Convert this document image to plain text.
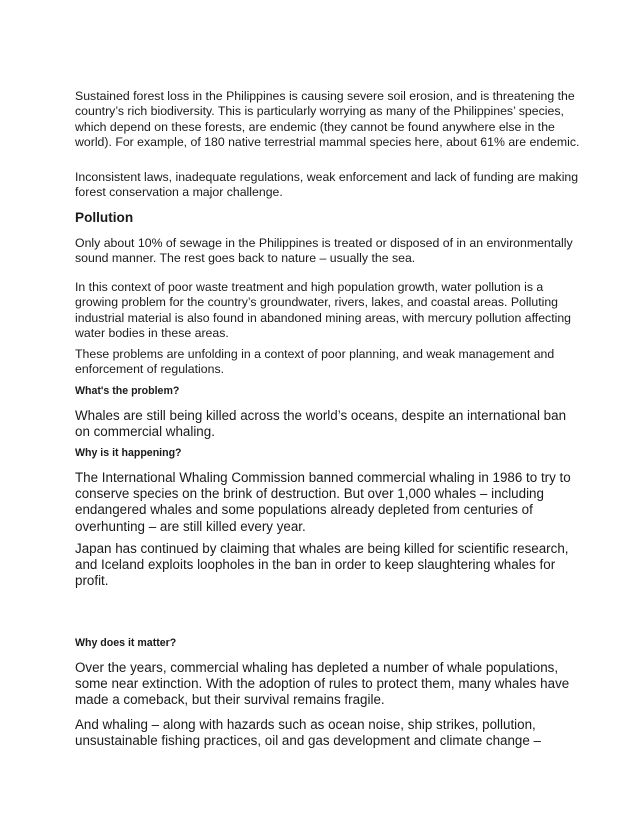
Sustained forest loss in the Philippines is causing severe soil erosion, and is threatening the country’s rich biodiversity. This is particularly worrying as many of the Philippines’ species, which depend on these forests, are endemic (they cannot be found anywhere else in the world). For example, of 180 native terrestrial mammal species here, about 61% are endemic.

Inconsistent laws, inadequate regulations, weak enforcement and lack of funding are making forest conservation a major challenge.

Pollution

Only about 10% of sewage in the Philippines is treated or disposed of in an environmentally sound manner. The rest goes back to nature – usually the sea.

In this context of poor waste treatment and high population growth, water pollution is a growing problem for the country’s groundwater, rivers, lakes, and coastal areas. Polluting industrial material is also found in abandoned mining areas, with mercury pollution affecting water bodies in these areas.

These problems are unfolding in a context of poor planning, and weak management and enforcement of regulations.

What's the problem?

Whales are still being killed across the world’s oceans, despite an international ban on commercial whaling.

Why is it happening?

The International Whaling Commission banned commercial whaling in 1986 to try to conserve species on the brink of destruction. But over 1,000 whales – including endangered whales and some populations already depleted from centuries of overhunting – are still killed every year.

Japan has continued by claiming that whales are being killed for scientific research, and Iceland exploits loopholes in the ban in order to keep slaughtering whales for profit.

Why does it matter?

Over the years, commercial whaling has depleted a number of whale populations, some near extinction. With the adoption of rules to protect them, many whales have made a comeback, but their survival remains fragile.

And whaling – along with hazards such as ocean noise, ship strikes, pollution, unsustainable fishing practices, oil and gas development and climate change –
